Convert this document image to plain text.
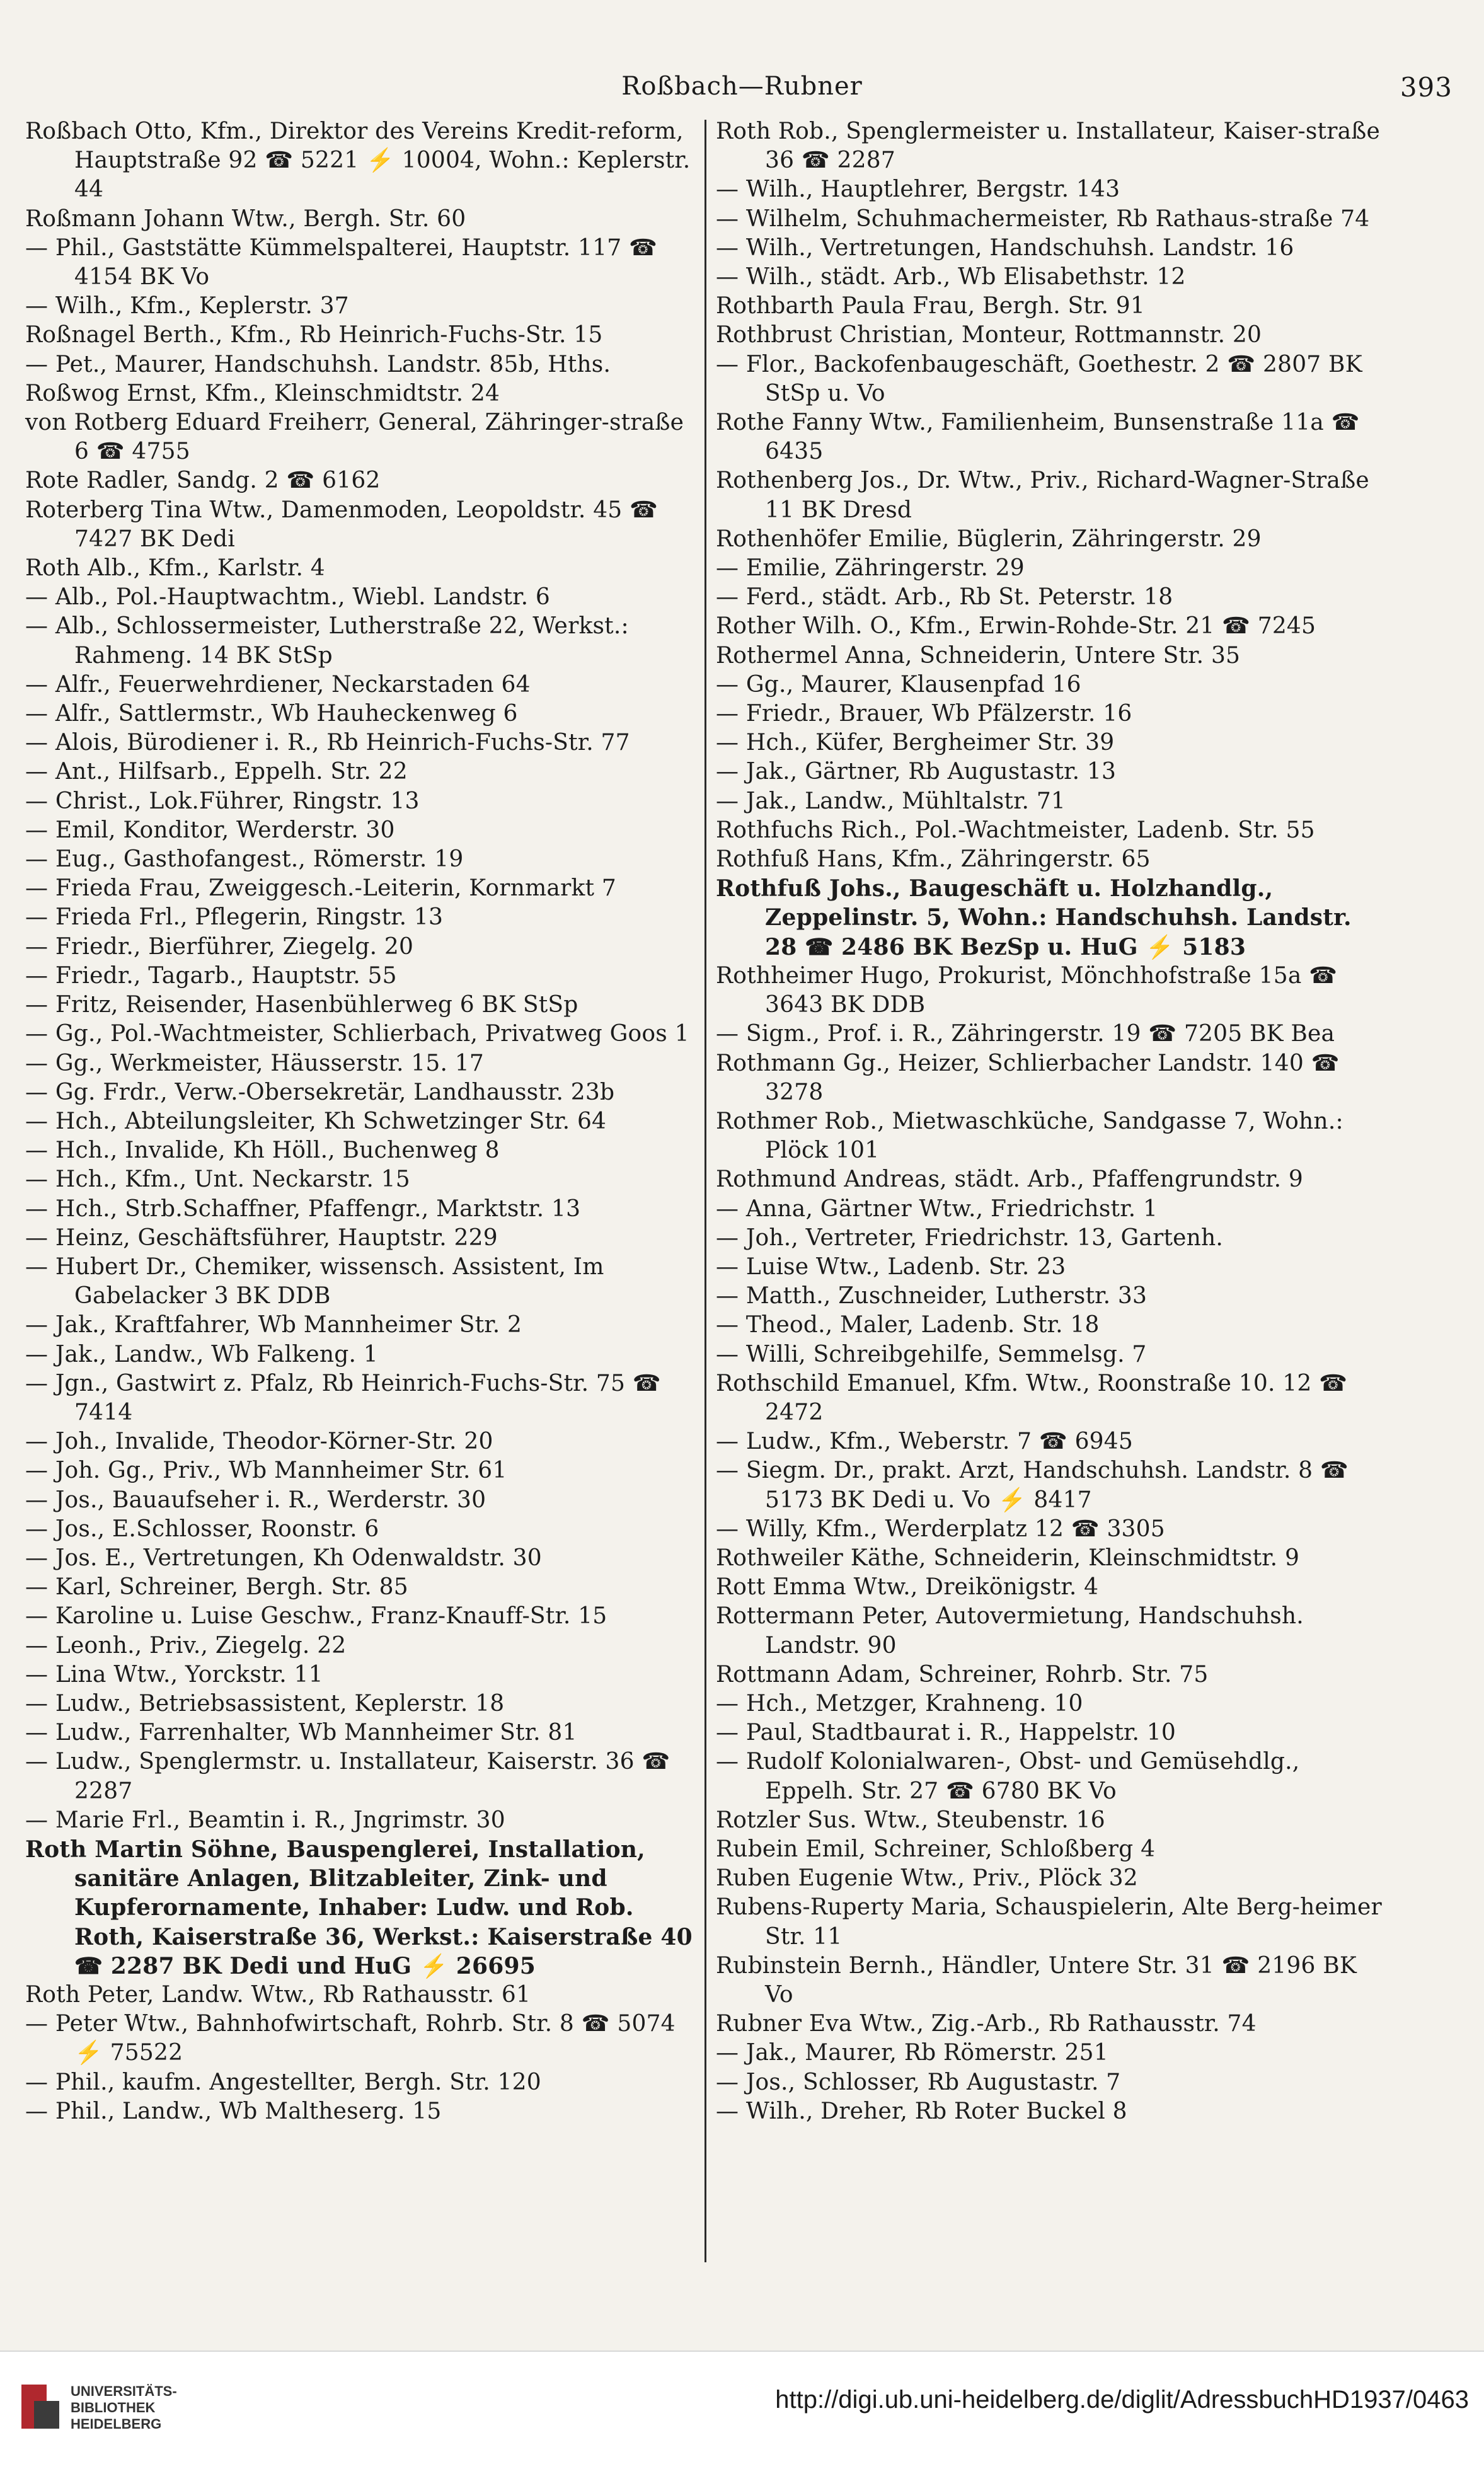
Roßbach—Rubner	393
Roßbach Otto, Kfm., Direktor des Vereins Kredit-reform, Hauptstraße 92 ☎ 5221 ⚡ 10004, Wohn.: Keplerstr. 44
Roßmann Johann Wtw., Bergh. Str. 60
— Phil., Gaststätte Kümmelspalterei, Hauptstr. 117 ☎ 4154 BK Vo
— Wilh., Kfm., Keplerstr. 37
Roßnagel Berth., Kfm., Rb Heinrich-Fuchs-Str. 15
— Pet., Maurer, Handschuhsh. Landstr. 85b, Hths.
Roßwog Ernst, Kfm., Kleinschmidtstr. 24
von Rotberg Eduard Freiherr, General, Zähringer-straße 6 ☎ 4755
Rote Radler, Sandg. 2 ☎ 6162
Roterberg Tina Wtw., Damenmoden, Leopoldstr. 45 ☎ 7427 BK Dedi
Roth Alb., Kfm., Karlstr. 4
— Alb., Pol.-Hauptwachtm., Wiebl. Landstr. 6
— Alb., Schlossermeister, Lutherstraße 22, Werkst.: Rahmeng. 14 BK StSp
— Alfr., Feuerwehrdiener, Neckarstaden 64
— Alfr., Sattlermstr., Wb Hauheckenweg 6
— Alois, Bürodiener i. R., Rb Heinrich-Fuchs-Str. 77
— Ant., Hilfsarb., Eppelh. Str. 22
— Christ., Lok.Führer, Ringstr. 13
— Emil, Konditor, Werderstr. 30
— Eug., Gasthofangest., Römerstr. 19
— Frieda Frau, Zweiggesch.-Leiterin, Kornmarkt 7
— Frieda Frl., Pflegerin, Ringstr. 13
— Friedr., Bierführer, Ziegelg. 20
— Friedr., Tagarb., Hauptstr. 55
— Fritz, Reisender, Hasenbühlerweg 6 BK StSp
— Gg., Pol.-Wachtmeister, Schlierbach, Privatweg Goos 1
— Gg., Werkmeister, Häusserstr. 15. 17
— Gg. Frdr., Verw.-Obersekretär, Landhausstr. 23b
— Hch., Abteilungsleiter, Kh Schwetzinger Str. 64
— Hch., Invalide, Kh Höll., Buchenweg 8
— Hch., Kfm., Unt. Neckarstr. 15
— Hch., Strb.Schaffner, Pfaffengr., Marktstr. 13
— Heinz, Geschäftsführer, Hauptstr. 229
— Hubert Dr., Chemiker, wissensch. Assistent, Im Gabelacker 3 BK DDB
— Jak., Kraftfahrer, Wb Mannheimer Str. 2
— Jak., Landw., Wb Falkeng. 1
— Jgn., Gastwirt z. Pfalz, Rb Heinrich-Fuchs-Str. 75 ☎ 7414
— Joh., Invalide, Theodor-Körner-Str. 20
— Joh. Gg., Priv., Wb Mannheimer Str. 61
— Jos., Bauaufseher i. R., Werderstr. 30
— Jos., E.Schlosser, Roonstr. 6
— Jos. E., Vertretungen, Kh Odenwaldstr. 30
— Karl, Schreiner, Bergh. Str. 85
— Karoline u. Luise Geschw., Franz-Knauff-Str. 15
— Leonh., Priv., Ziegelg. 22
— Lina Wtw., Yorckstr. 11
— Ludw., Betriebsassistent, Keplerstr. 18
— Ludw., Farrenhalter, Wb Mannheimer Str. 81
— Ludw., Spenglermstr. u. Installateur, Kaiserstr. 36 ☎ 2287
— Marie Frl., Beamtin i. R., Jngrimstr. 30
Roth Martin Söhne, Bauspenglerei, Installation, sanitäre Anlagen, Blitzableiter, Zink- und Kupferornamente, Inhaber: Ludw. und Rob. Roth, Kaiserstraße 36, Werkst.: Kaiserstraße 40 ☎ 2287 BK Dedi und HuG ⚡ 26695
Roth Peter, Landw. Wtw., Rb Rathausstr. 61
— Peter Wtw., Bahnhofwirtschaft, Rohrb. Str. 8 ☎ 5074 ⚡ 75522
— Phil., kaufm. Angestellter, Bergh. Str. 120
— Phil., Landw., Wb Maltheserg. 15
Roth Rob., Spenglermeister u. Installateur, Kaiser-straße 36 ☎ 2287
— Wilh., Hauptlehrer, Bergstr. 143
— Wilhelm, Schuhmachermeister, Rb Rathaus-straße 74
— Wilh., Vertretungen, Handschuhsh. Landstr. 16
— Wilh., städt. Arb., Wb Elisabethstr. 12
Rothbarth Paula Frau, Bergh. Str. 91
Rothbrust Christian, Monteur, Rottmannstr. 20
— Flor., Backofenbaugeschäft, Goethestr. 2 ☎ 2807 BK StSp u. Vo
Rothe Fanny Wtw., Familienheim, Bunsenstraße 11a ☎ 6435
Rothenberg Jos., Dr. Wtw., Priv., Richard-Wagner-Straße 11 BK Dresd
Rothenhöfer Emilie, Büglerin, Zähringerstr. 29
— Emilie, Zähringerstr. 29
— Ferd., städt. Arb., Rb St. Peterstr. 18
Rother Wilh. O., Kfm., Erwin-Rohde-Str. 21 ☎ 7245
Rothermel Anna, Schneiderin, Untere Str. 35
— Gg., Maurer, Klausenpfad 16
— Friedr., Brauer, Wb Pfälzerstr. 16
— Hch., Küfer, Bergheimer Str. 39
— Jak., Gärtner, Rb Augustastr. 13
— Jak., Landw., Mühltalstr. 71
Rothfuchs Rich., Pol.-Wachtmeister, Ladenb. Str. 55
Rothfuß Hans, Kfm., Zähringerstr. 65
Rothfuß Johs., Baugeschäft u. Holzhandlg., Zeppelinstr. 5, Wohn.: Handschuhsh. Landstr. 28 ☎ 2486 BK BezSp u. HuG ⚡ 5183
Rothheimer Hugo, Prokurist, Mönchhofstraße 15a ☎ 3643 BK DDB
— Sigm., Prof. i. R., Zähringerstr. 19 ☎ 7205 BK Bea
Rothmann Gg., Heizer, Schlierbacher Landstr. 140 ☎ 3278
Rothmer Rob., Mietwaschküche, Sandgasse 7, Wohn.: Plöck 101
Rothmund Andreas, städt. Arb., Pfaffengrundstr. 9
— Anna, Gärtner Wtw., Friedrichstr. 1
— Joh., Vertreter, Friedrichstr. 13, Gartenh.
— Luise Wtw., Ladenb. Str. 23
— Matth., Zuschneider, Lutherstr. 33
— Theod., Maler, Ladenb. Str. 18
— Willi, Schreibgehilfe, Semmelsg. 7
Rothschild Emanuel, Kfm. Wtw., Roonstraße 10. 12 ☎ 2472
— Ludw., Kfm., Weberstr. 7 ☎ 6945
— Siegm. Dr., prakt. Arzt, Handschuhsh. Landstr. 8 ☎ 5173 BK Dedi u. Vo ⚡ 8417
— Willy, Kfm., Werderplatz 12 ☎ 3305
Rothweiler Käthe, Schneiderin, Kleinschmidtstr. 9
Rott Emma Wtw., Dreikönigstr. 4
Rottermann Peter, Autovermietung, Handschuhsh. Landstr. 90
Rottmann Adam, Schreiner, Rohrb. Str. 75
— Hch., Metzger, Krahneng. 10
— Paul, Stadtbaurat i. R., Happelstr. 10
— Rudolf Kolonialwaren-, Obst- und Gemüsehdlg., Eppelh. Str. 27 ☎ 6780 BK Vo
Rotzler Sus. Wtw., Steubenstr. 16
Rubein Emil, Schreiner, Schloßberg 4
Ruben Eugenie Wtw., Priv., Plöck 32
Rubens-Ruperty Maria, Schauspielerin, Alte Berg-heimer Str. 11
Rubinstein Bernh., Händler, Untere Str. 31 ☎ 2196 BK Vo
Rubner Eva Wtw., Zig.-Arb., Rb Rathausstr. 74
— Jak., Maurer, Rb Römerstr. 251
— Jos., Schlosser, Rb Augustastr. 7
— Wilh., Dreher, Rb Roter Buckel 8
UNIVERSITÄTS-
BIBLIOTHEK
HEIDELBERG
http://digi.ub.uni-heidelberg.de/diglit/AdressbuchHD1937/0463
